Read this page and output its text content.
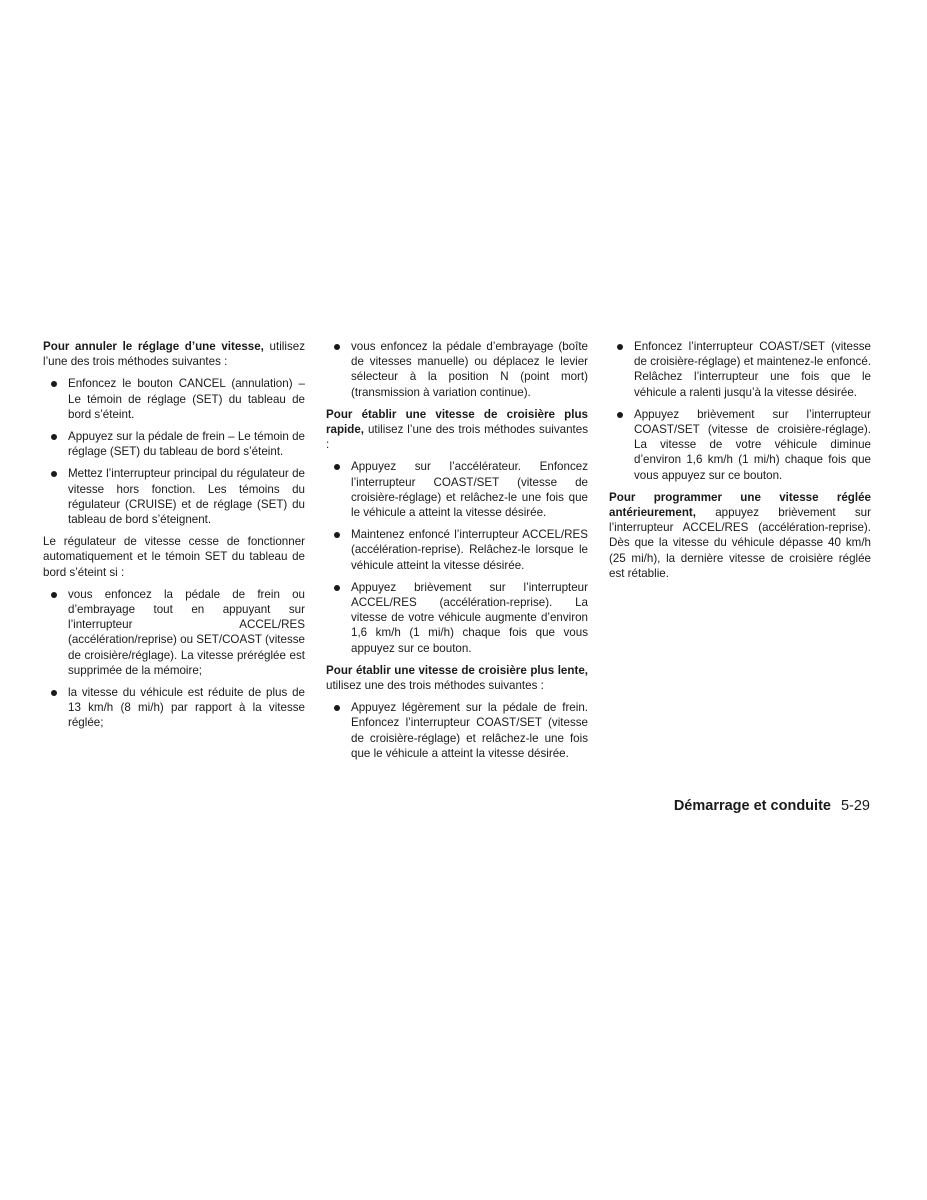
Pour annuler le réglage d’une vitesse, utilisez l’une des trois méthodes suivantes :

Enfoncez le bouton CANCEL (annulation) – Le témoin de réglage (SET) du tableau de bord s’éteint.
Appuyez sur la pédale de frein – Le témoin de réglage (SET) du tableau de bord s’éteint.
Mettez l’interrupteur principal du régulateur de vitesse hors fonction. Les témoins du régulateur (CRUISE) et de réglage (SET) du tableau de bord s’éteignent.

Le régulateur de vitesse cesse de fonctionner automatiquement et le témoin SET du tableau de bord s’éteint si :

vous enfoncez la pédale de frein ou d’embrayage tout en appuyant sur l’interrupteur ACCEL/RES (accélération/reprise) ou SET/COAST (vitesse de croisière/réglage). La vitesse préréglée est supprimée de la mémoire;
la vitesse du véhicule est réduite de plus de 13 km/h (8 mi/h) par rapport à la vitesse réglée;
vous enfoncez la pédale d’embrayage (boîte de vitesses manuelle) ou déplacez le levier sélecteur à la position N (point mort) (transmission à variation continue).

Pour établir une vitesse de croisière plus rapide, utilisez l’une des trois méthodes suivantes :

Appuyez sur l’accélérateur. Enfoncez l’interrupteur COAST/SET (vitesse de croisière-réglage) et relâchez-le une fois que le véhicule a atteint la vitesse désirée.
Maintenez enfoncé l’interrupteur ACCEL/RES (accélération-reprise). Relâchez-le lorsque le véhicule atteint la vitesse désirée.
Appuyez brièvement sur l’interrupteur ACCEL/RES (accélération-reprise). La vitesse de votre véhicule augmente d’environ 1,6 km/h (1 mi/h) chaque fois que vous appuyez sur ce bouton.

Pour établir une vitesse de croisière plus lente, utilisez une des trois méthodes suivantes :

Appuyez légèrement sur la pédale de frein. Enfoncez l’interrupteur COAST/SET (vitesse de croisière-réglage) et relâchez-le une fois que le véhicule a atteint la vitesse désirée.
Enfoncez l’interrupteur COAST/SET (vitesse de croisière-réglage) et maintenez-le enfoncé. Relâchez l’interrupteur une fois que le véhicule a ralenti jusqu’à la vitesse désirée.
Appuyez brièvement sur l’interrupteur COAST/SET (vitesse de croisière-réglage). La vitesse de votre véhicule diminue d’environ 1,6 km/h (1 mi/h) chaque fois que vous appuyez sur ce bouton.

Pour programmer une vitesse réglée antérieurement, appuyez brièvement sur l’interrupteur ACCEL/RES (accélération-reprise). Dès que la vitesse du véhicule dépasse 40 km/h (25 mi/h), la dernière vitesse de croisière réglée est rétablie.

Démarrage et conduite 5-29
